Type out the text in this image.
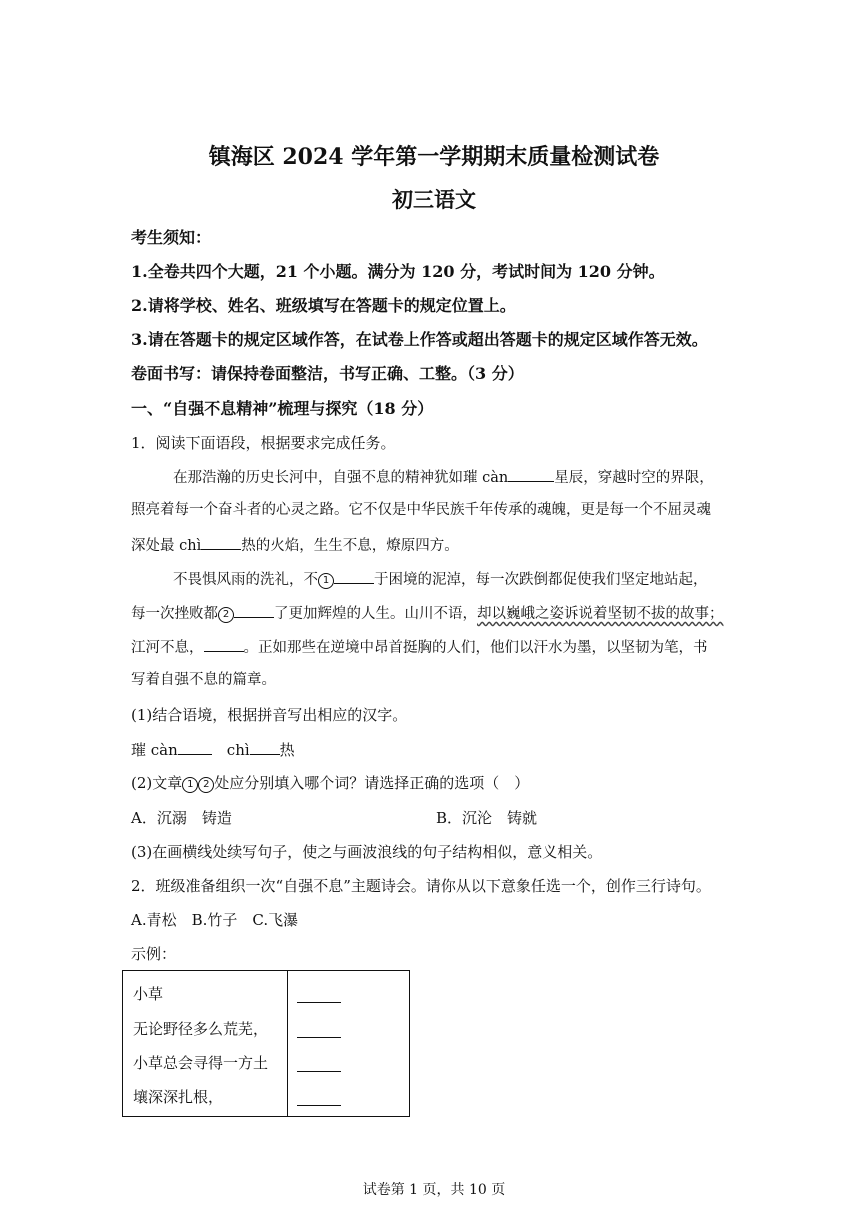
镇海区 2024 学年第一学期期末质量检测试卷
初三语文
考生须知：
1.全卷共四个大题，21 个小题。满分为 120 分，考试时间为 120 分钟。
2.请将学校、姓名、班级填写在答题卡的规定位置上。
3.请在答题卡的规定区域作答，在试卷上作答或超出答题卡的规定区域作答无效。
卷面书写：请保持卷面整洁，书写正确、工整。（3 分）
一、“自强不息精神”梳理与探究（18 分）
1．阅读下面语段，根据要求完成任务。
在那浩瀚的历史长河中，自强不息的精神犹如璀 càn	星辰，穿越时空的界限，
照亮着每一个奋斗者的心灵之路。它不仅是中华民族千年传承的魂魄，更是每一个不屈灵魂
深处最 chì	热的火焰，生生不息，燎原四方。
不畏惧风雨的洗礼，不 1	于困境的泥淖，每一次跌倒都促使我们坚定地站起，
每一次挫败都 2	了更加辉煌的人生。山川不语，却以巍峨之姿诉说着坚韧不拔的故事；
江河不息，	。正如那些在逆境中昂首挺胸的人们，他们以汗水为墨，以坚韧为笔，书
写着自强不息的篇章。
(1)结合语境，根据拼音写出相应的汉字。
璀 càn　	chì 热
(2)文章 1 2 处应分别填入哪个词？请选择正确的选项（　）
A．沉溺　铸造	B．沉沦　铸就
(3)在画横线处续写句子，使之与画波浪线的句子结构相似，意义相关。
2．班级准备组织一次“自强不息”主题诗会。请你从以下意象任选一个，创作三行诗句。
A.青松　B.竹子　C.飞瀑
示例：
小草
无论野径多么荒芜，
小草总会寻得一方土
壤深深扎根，
试卷第 1 页，共 10 页
